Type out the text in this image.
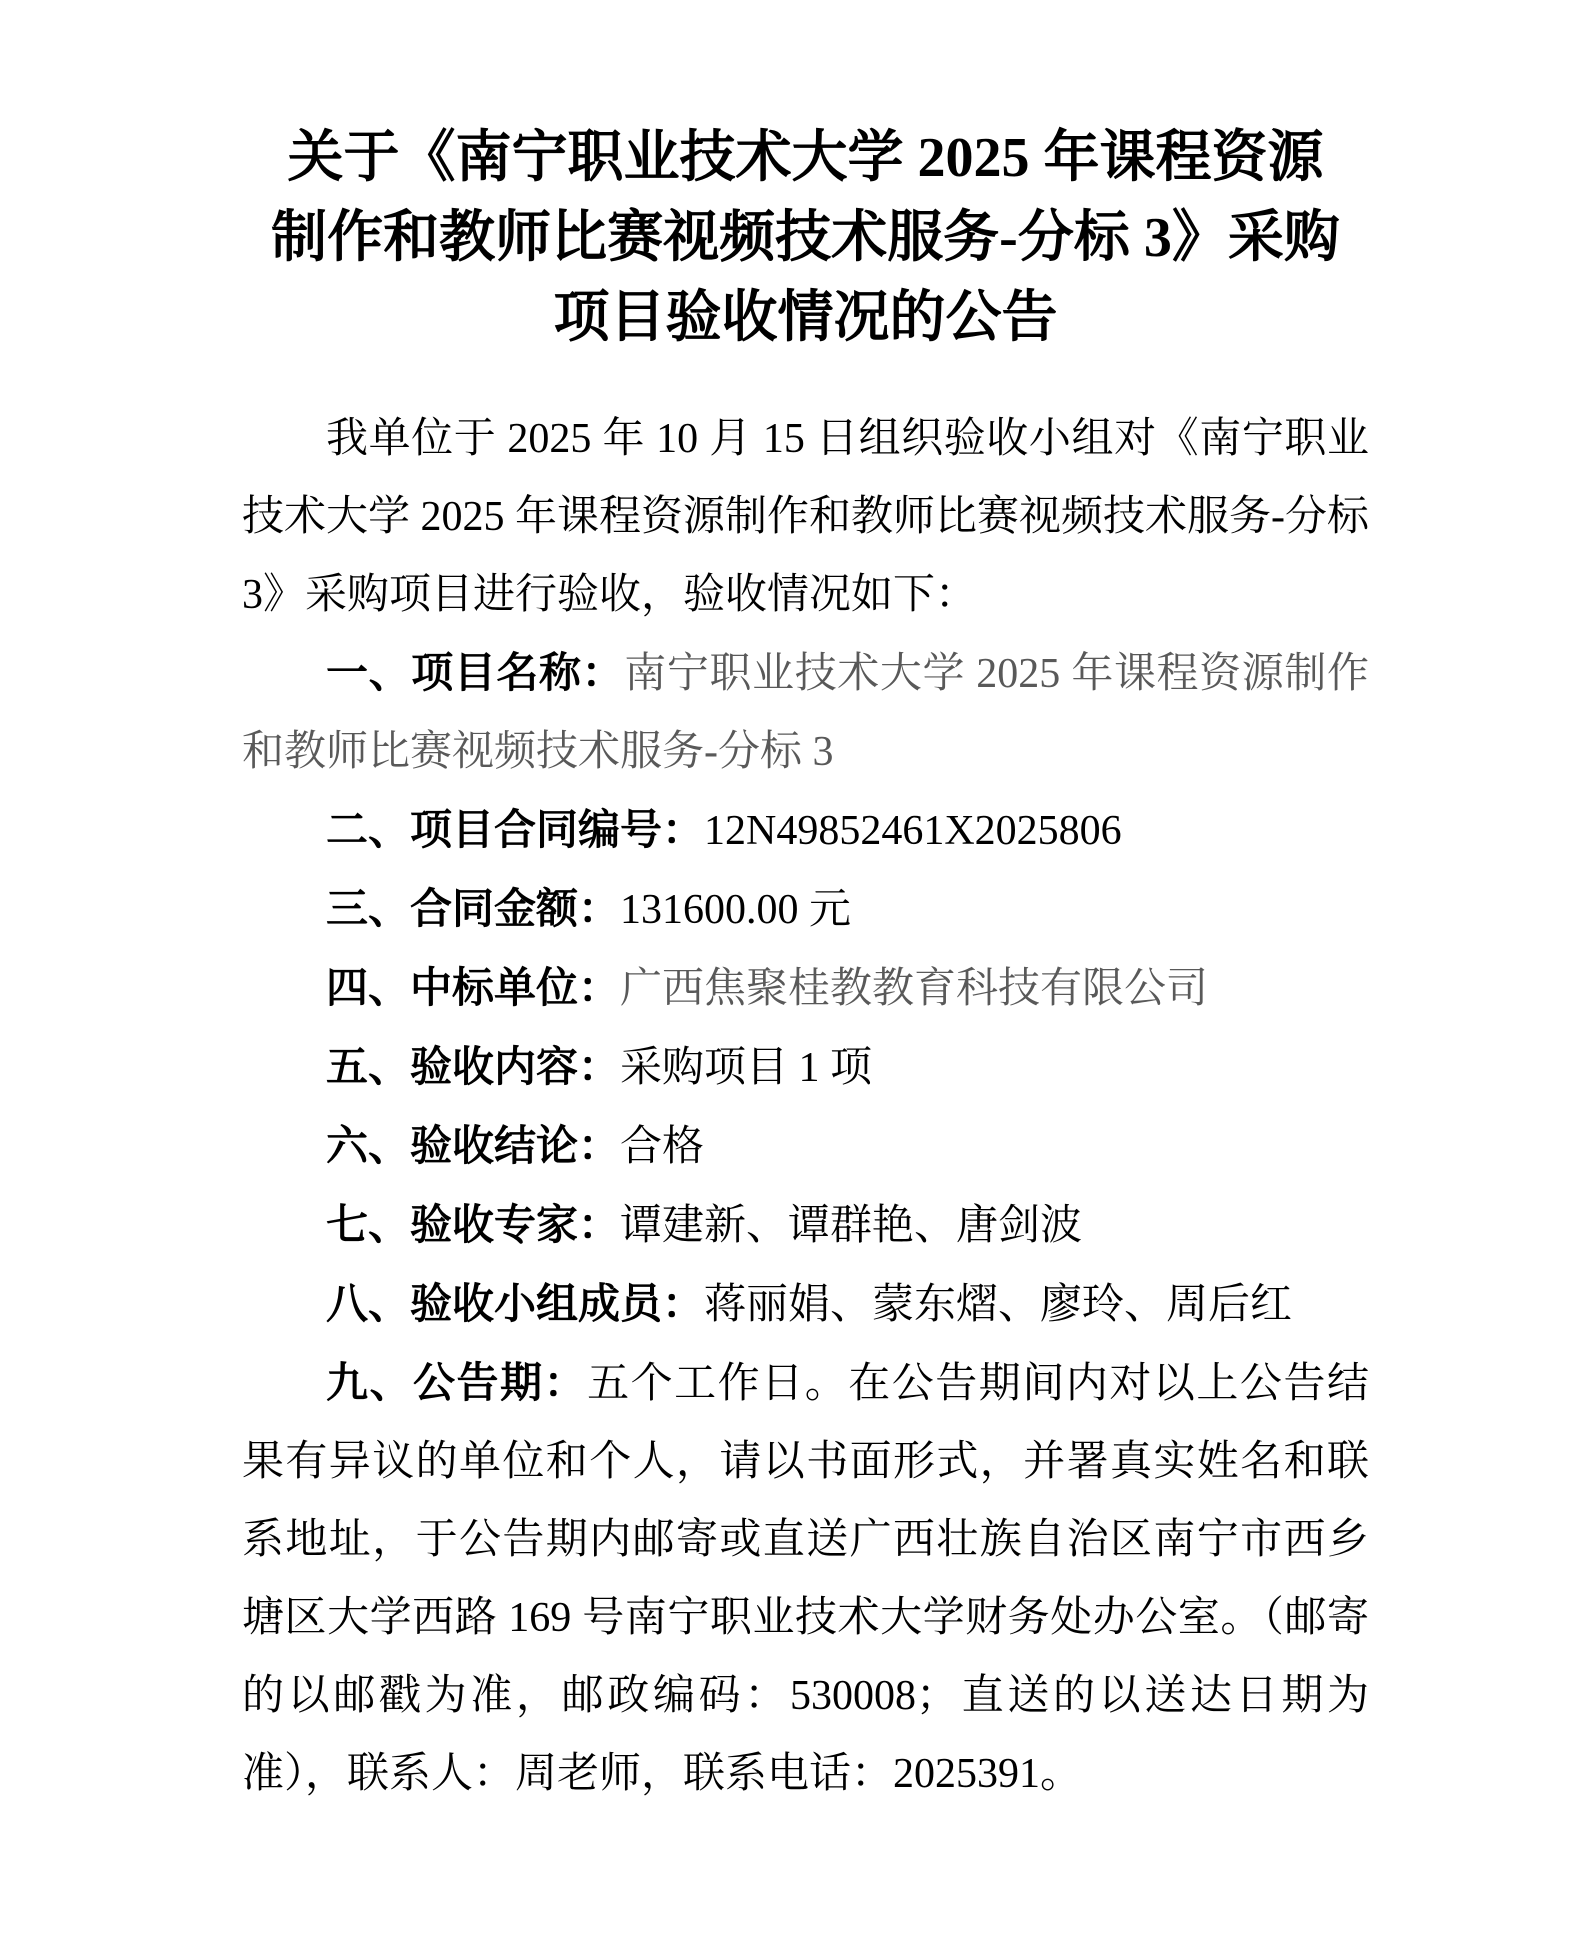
关于《南宁职业技术大学 2025 年课程资源
制作和教师比赛视频技术服务-分标 3》采购
项目验收情况的公告

我单位于 2025 年 10 月 15 日组织验收小组对《南宁职业技术大学 2025 年课程资源制作和教师比赛视频技术服务-分标 3》采购项目进行验收，验收情况如下：

一、项目名称：南宁职业技术大学 2025 年课程资源制作和教师比赛视频技术服务-分标 3

二、项目合同编号：12N49852461X2025806

三、合同金额：131600.00 元

四、中标单位：广西焦聚桂教教育科技有限公司

五、验收内容：采购项目 1 项

六、验收结论：合格

七、验收专家：谭建新、谭群艳、唐剑波

八、验收小组成员：蒋丽娟、蒙东熠、廖玲、周后红

九、公告期：五个工作日。在公告期间内对以上公告结果有异议的单位和个人，请以书面形式，并署真实姓名和联系地址，于公告期内邮寄或直送广西壮族自治区南宁市西乡塘区大学西路 169 号南宁职业技术大学财务处办公室。（邮寄的以邮戳为准，邮政编码：530008；直送的以送达日期为准），联系人：周老师，联系电话：2025391。
